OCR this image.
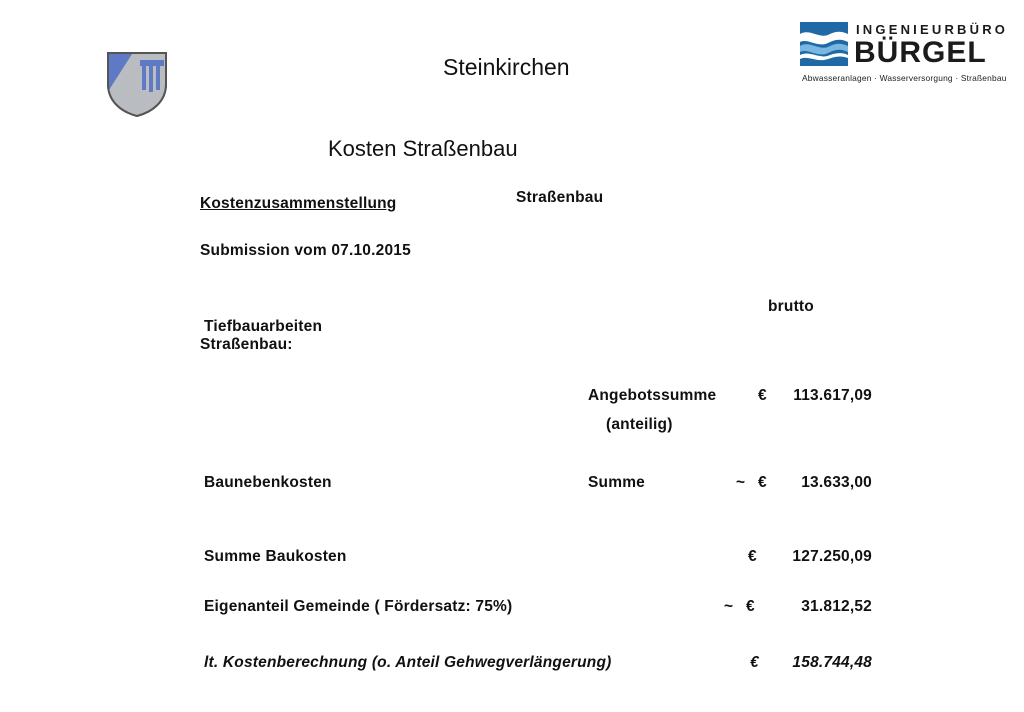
Steinkirchen
INGENIEURBÜRO
BÜRGEL
Abwasseranlagen · Wasserversorgung · Straßenbau
Kosten Straßenbau
Kostenzusammenstellung	Straßenbau
Submission vom 07.10.2015
brutto
Tiefbauarbeiten
Straßenbau:
Angebotssumme	€	113.617,09
(anteilig)
Baunebenkosten	Summe	~ €	13.633,00
Summe Baukosten	€	127.250,09
Eigenanteil Gemeinde ( Fördersatz: 75%)	~ €	31.812,52
lt. Kostenberechnung (o. Anteil Gehwegverlängerung)	€	158.744,48
